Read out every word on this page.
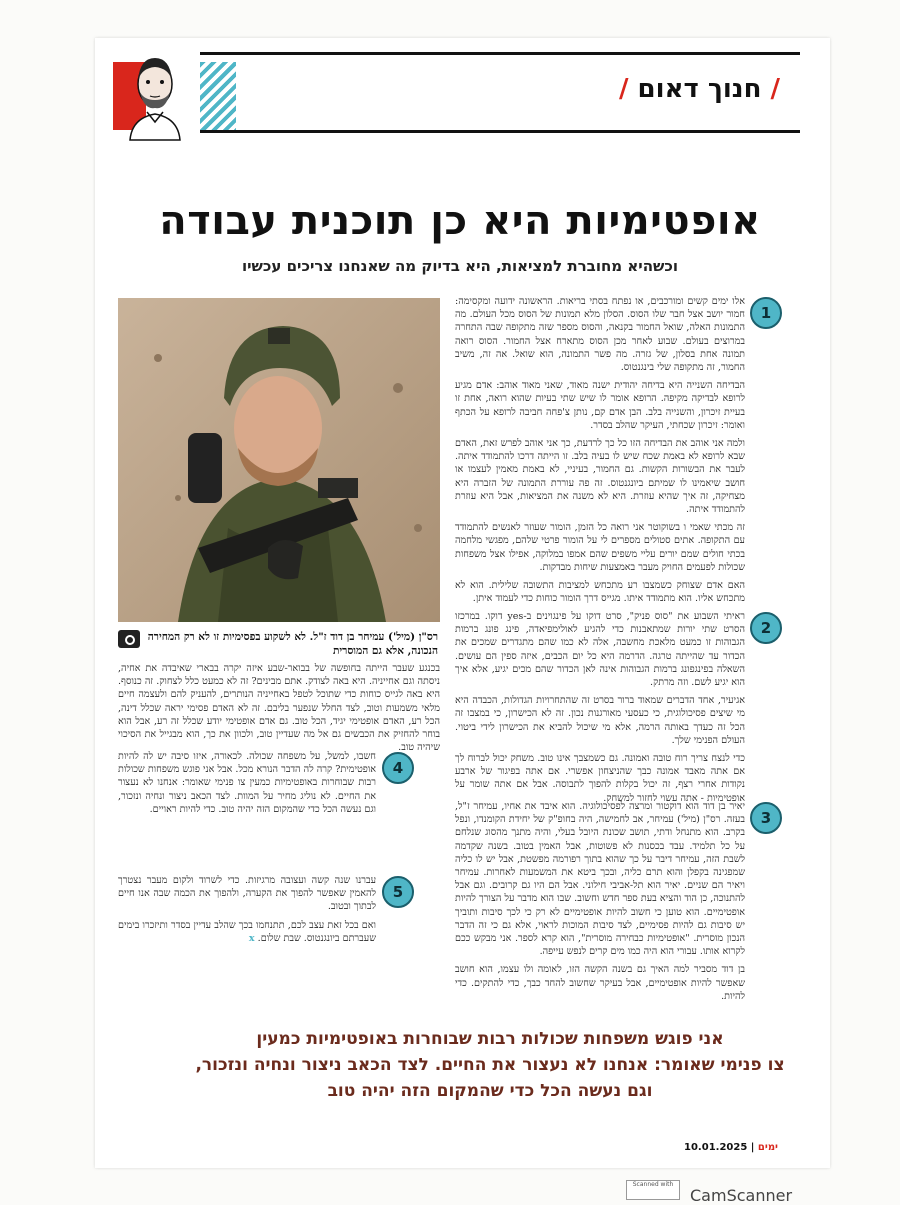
/ חנוך דאום /
אופטימיות היא כן תוכנית עבודה
וכשהיא מחוברת למציאות, היא בדיוק מה שאנחנו צריכים עכשיו
רס"ן (מיל') עמיחר בן דוד ז"ל. לא לשקוע בפסימיות זו לא רק המחירה הנכונה, אלא גם המוסרית
1
2
3
4
5

אלו ימים קשים ומורכבים, או נפתח בסתי בריאות. הראשונה ידועה ומקסימה: חמור יושב אצל חבר שלו הסוס. הסלון מלא תמונות של הסוס מכל העולם. מה התמונות האלה, שואל החמור בקנאה, והסוס מספר שזה מתקופה שבה התחרה במרוצים בעולם. שבוע לאחר מכן הסוס מתארח אצל החמור. הסוס רואה תמונה אחת בסלון, של גזרה. מה פשר התמונה, הוא שואל. אה זה, משיב החמור, זה מתקופה שלי בינגנטוס.

הבדיחה השנייה היא בדיחה יהודית ישנה מאוד, שאני מאוד אוהב: אדם מגיע לרופא לבדיקה מקיפה. הרופא אומר לו שיש שתי בעיות שהוא רואה, אחת זו בעיית זיכרון, והשנייה בלב. הבן אדם קם, נותן צ'פחה חביבה לרופא על הכתף ואומר: זיכרון שכחתי, העיקר שהלב בסדר.

ולמה אני אוהב את הבדיחה הזו כל כך לרדעת, כך אני אוהב לפרש זאת, האדם שבא לרופא לא באמת שכח שיש לו בעיה בלב. זו הייתה דרכו להתמודד איתה. לעבר את הבשורות הקשות. גם החמור, בעיניי, לא באמת מאמין לעצמו או חושב שיאמינו לו שמיתם ביונגנטוס. זה פה עוררת התמונה של הזברה היא מצחיקה, זה איך שהיא עוזרת. היא לא משנה את המציאות, אבל היא עוזרת להתמודד איתה.

זה מכתי שאמי ו בשוקוטר אני רואה כל הזמן, הומור שעוזר לאנשים להתמודד עם התקופה. אתים סטולים מספרים לי על הומור פרטי שלהם, מפגשי מלחמה בכתי חולים שמם יורים עליי משפים שהם אמפו במלוקה, אפילו אצל משפחות שכולות לפעמים החויק מעבר באמצעות שיחות מבדקות.

האם אדם שצוחק כשמצבו רע מתכחש למציבות התשובה שלילית. הוא לא מתכחש אליו. הוא מתמודד איתו. מגייס דרך הומור כוחות כדי לעמוד איתן.

ראיתי השבוע את "סוס פניק", סרט דוקו על פינגוינים ב-yes דוקו. במרכזו הסרט שתי יורות שמתאבנות כדי להגיע לאולימפיאדה, פינג פונג ברמות הגבוהות זו כמעט מלאכת מחשבה, אלה לא כמו שהם מתגדרים שמכים את הכדור עד שהייתה טרגה. הדרמה היא כל יום הכבים, איזה ספין הם עושים. השאלה בפינגפונג ברמות הגבוהות אינה לאן הכדור שהם מכים יגיע, אלא איך הוא יגיע לשם. וזה מרתק.

אגיעיר, אחד הדברים שמאוד ברור בסרט זה שהתחרויות הגדולות, הכבדה היא מי שיצים פסיכולוגית, כי כעסעי מאורגנות נכון. זה לא הכישרון, כי במצבו זה הכל זה כעדך באותה הרמה, אלא מי שיכול להביא את הכישרון לידי ביטוי. העולם הפנימי שלך.

כדי לנצח צריך רוח טובה ואמונה. גם כשמצבך אינו טוב. משחק יכול לברוח לך אם אתה מאבד אמונה כבך שהניצחון אפשרי. אם אתה בפיגור של ארבע נקודות אחרי רצף, זה יכול בקלות להפוך לתבוסה. אבל אם אתה שומר על אופטימיות - אתה עשוי לחזור למשחק.

יאיר בן דוד הוא דוקטור ומרצה לפסיכולוגיה. הוא איבד את אחיו, עמיחר ז"ל, בעזה. רס"ן (מיל') עמיחר, אב לחמישה, היה בחופ"ק של יחידת הקומנדו, ונפל בקרב. הוא מתנחל ודתי, תושב שכונת היובל בעלי, והיה מתנך מהסוג שנלחם על כל תלמיד. עבד בכסנות לא פשוטות, אבל האמין בטוב. בשנה שקדמה לשבת הזה, עמיחר דיבר על כך שהוא בתוך רפורמה מפשטת, אבל יש לו כליה שמפגינה בקפלן והוא תרם כליה, ובכך ביטא את המשמעות לאחרות. עמיחר ויאיר הם שניים. יאיר הוא תל-אביבי חילוני. אבל הם היו גם קרובים. וגם אבל להתנוכה, כן הוד והציא בעת ספר חדש וחשוב. שבו הוא מדבר על הצורך להיות אופטימיים. הוא טוען כי חשוב להיות אופטימיים לא רק כי לכך סיבות ותוביך יש סיבות גם להיות פסימיים, לצד סיבות המוכות לראוי, אלא גם כי זה הדבר הנכון מוסרית. "אופטימיות כבחירה מוסרית", הוא קרא לספר. אני מבקש ככם לקרוא אותו. עבורי הוא היה כמו מים קרים לנפש עייפה.

בן דוד מסביר למה האיך גם בשנה הקשה הזו, לאומה ולו עצמו, הוא חושב שאפשר להיות אופטימיים, אבל בעיקר שחשוב להחד כבך, כדי להתקים. כדי להיות.

בכנגע שעבר הייתה בחופשה של בבואר-שבע איזה יקרה בבארי שאיבדה את אחיה, ניסתה וגם אחייניה. היא באה לצודק. אתם מבינים? זה לא כמעט כלל לצחוק. זה כנוסף. היא באה לגייס כוחות כדי שתוכל לטפל באחייניה הנותרים, להעניק להם ולעצמה חיים מלאי משמעות וטוב, לצד החלל שנפער בליבם. זה לא האדם פסימי יראה שכלל דינה, הכל רע, האדם אופטימי יגיד, הכל טוב. גם אדם אופטימי יודע שכלל זה רע, אבל הוא בוחר להחזיק את הכבשים גם אל מה שעדיין טוב, ולכוון את כך, הוא מבגייל את הסיכוי שיהיה טוב.

חשבו, למשל, על משפחה שכולה. לכאורה, איזו סיבה יש לה להיות אופטימית? קרה לה הדבר הנורא מכל. אבל אני פוגש משפחות שכולות רבות שבוחרות באופטימיות כמעין צו פנימי שאומר: אנחנו לא נעצור את החיים. לא נוליג מחיר על המוות. לצד הכאב ניצור ונחיה ונזכור, וגם נעשה הכל כדי שהמקום הזה יהיה טוב. כדי להיות ראויים.

עברנו שנה קשה ועצובה מרגיזות. כדי לשרוד ולקום מעבר נצטרך להאמין שאפשר להפוך את הקערה, ולהפוך את הכמה שבה אנו חיים לבתוך ובטוב.

ואם בכל זאת עצב לכם, תתנחמו בכך שהלב עדיין בסדר ותיזכרו בימים שעברתם ביונגנטוס. שבת שלום. x

אני פוגש משפחות שכולות רבות שבוחרות באופטימיות כמעין
צו פנימי שאומר: אנחנו לא נעצור את החיים. לצד הכאב ניצור ונחיה ונזכור,
וגם נעשה הכל כדי שהמקום הזה יהיה טוב
ימים | 10.01.2025
Scanned with
CamScanner
